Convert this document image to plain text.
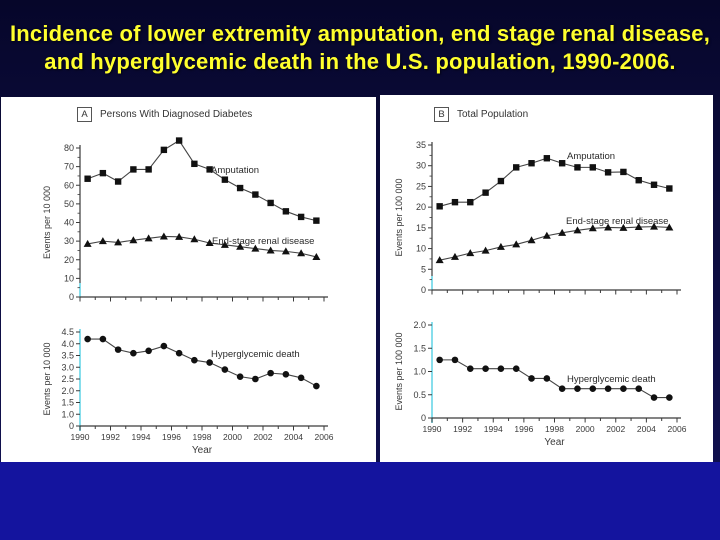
Incidence of lower extremity amputation, end stage renal disease,
and hyperglycemic death in the U.S. population, 1990-2006.
A	Persons With Diagnosed Diabetes
80
70
60
50
40
30
20
10
0
Events per 10 000
Amputation
End-stage renal disease
4.5
4.0
3.5
3.0
2.5
2.0
1.5
1.0
0
1990 1992 1994 1996 1998 2000 2002 2004 2006
Year
Events per 10 000	Hyperglycemic death
B	Total Population
35
30
25
20
15
10
5
0
Events per 100 000
Amputation
End-stage renal disease
2.0
1.5
1.0
0.5
0
1990 1992 1994 1996 1998 2000 2002 2004 2006
Year
Events per 100 000	Hyperglycemic death
